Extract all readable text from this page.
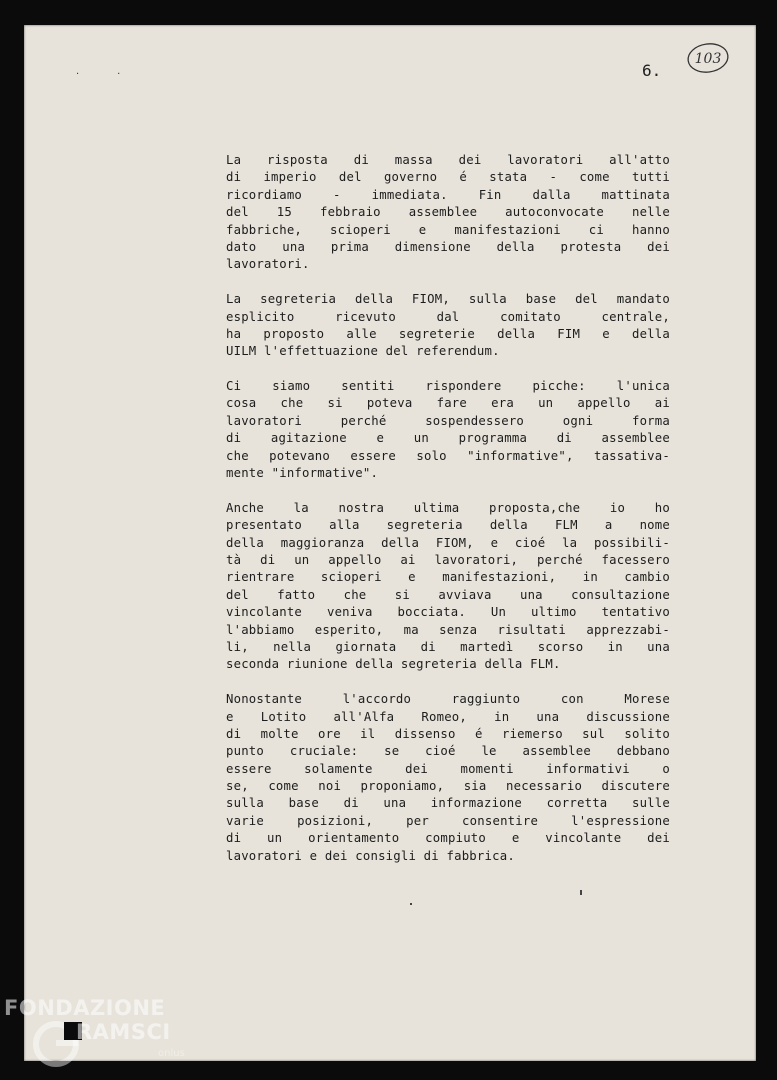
··	6.
103
La risposta di massa dei lavoratori all'atto
di imperio del governo é stata - come tutti
ricordiamo - immediata. Fin dalla mattinata
del 15 febbraio assemblee autoconvocate nelle
fabbriche, scioperi e manifestazioni ci hanno
dato una prima dimensione della protesta dei
lavoratori.
La segreteria della FIOM, sulla base del mandato
esplicito ricevuto dal comitato centrale,
ha proposto alle segreterie della FIM e della
UILM l'effettuazione del referendum.
Ci siamo sentiti rispondere picche: l'unica
cosa che si poteva fare era un appello ai
lavoratori perché sospendessero ogni forma
di agitazione e un programma di assemblee
che potevano essere solo "informative", tassativa-
mente "informative".
Anche la nostra ultima proposta,che io ho
presentato alla segreteria della FLM a nome
della maggioranza della FIOM, e cioé la possibili-
tà di un appello ai lavoratori, perché facessero
rientrare scioperi e manifestazioni, in cambio
del fatto che si avviava una consultazione
vincolante veniva bocciata. Un ultimo tentativo
l'abbiamo esperito, ma senza risultati apprezzabi-
li, nella giornata di martedì scorso in una
seconda riunione della segreteria della FLM.
Nonostante l'accordo raggiunto con Morese
e Lotito all'Alfa Romeo, in una discussione
di molte ore il dissenso é riemerso sul solito
punto cruciale: se cioé le assemblee debbano
essere solamente dei momenti informativi o
se, come noi proponiamo, sia necessario discutere
sulla base di una informazione corretta sulle
varie posizioni, per consentire l'espressione
di un orientamento compiuto e vincolante dei
lavoratori e dei consigli di fabbrica.
FONDAZIONE
RAMSCI
onlus
